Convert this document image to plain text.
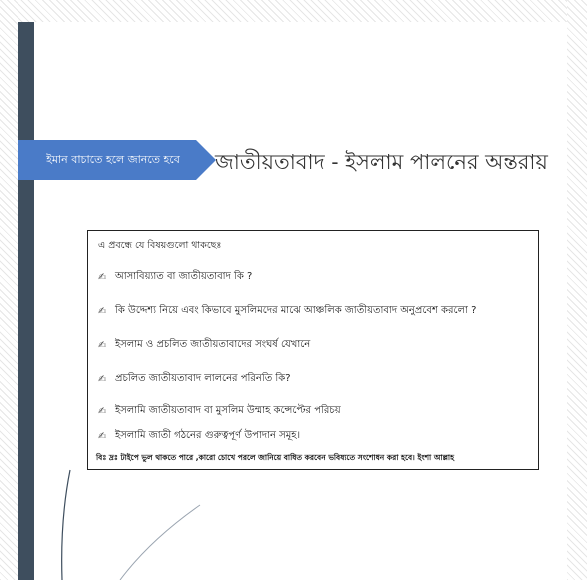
ইমান বাচাতে হলে জানতে হবে	জাতীয়তাবাদ - ইসলাম পালনের অন্তরায়
এ প্রবন্ধে যে বিষয়গুলো থাকছেঃ
✍ আসাবিয়্যাত বা জাতীয়তাবাদ কি ?
✍ কি উদ্দেশ্য নিয়ে এবং কিভাবে মুসলিমদের মাঝে আঞ্চলিক জাতীয়তাবাদ অনুপ্রবেশ করলো ?
✍ ইসলাম ও প্রচলিত জাতীয়তাবাদের সংঘর্ষ যেখানে
✍ প্রচলিত জাতীয়তাবাদ লালনের পরিনতি কি?
✍ ইসলামি জাতীয়তাবাদ বা মুসলিম উম্মাহ কন্সেপ্টের পরিচয়
✍ ইসলামি জাতী গঠনের গুরুত্বপূর্ণ উপাদান সমূহ।
বিঃ দ্রঃ টাইপে ভুল থাকতে পারে ,কারো চোখে পরলে জানিয়ে বাধিত করবেন ভবিষ্যতে সংশোধন করা হবে। ইংশা আল্লাহ
